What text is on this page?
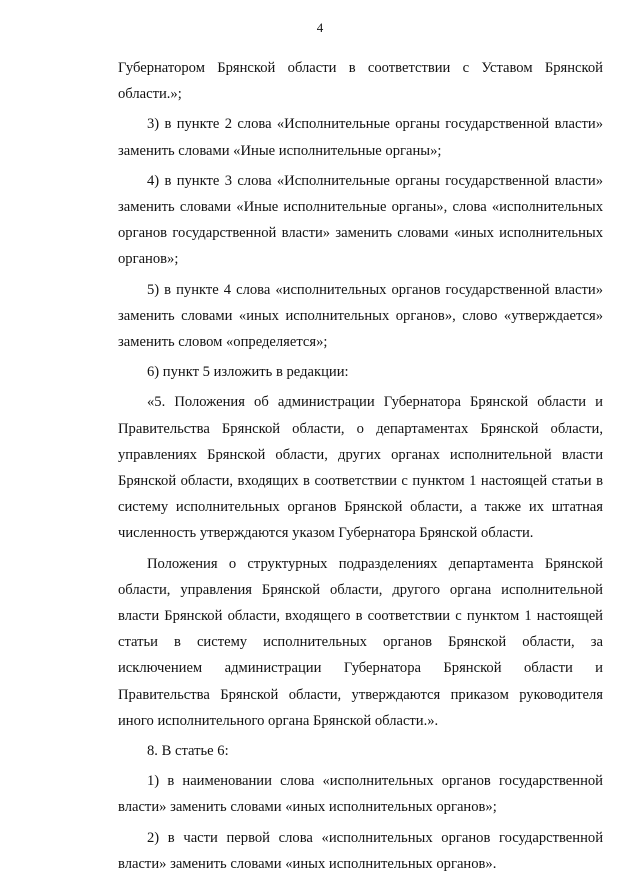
4

Губернатором Брянской области в соответствии с Уставом Брянской области.»;

3) в пункте 2 слова «Исполнительные органы государственной власти» заменить словами «Иные исполнительные органы»;

4) в пункте 3 слова «Исполнительные органы государственной власти» заменить словами «Иные исполнительные органы», слова «исполнительных органов государственной власти» заменить словами «иных исполнительных органов»;

5) в пункте 4 слова «исполнительных органов государственной власти» заменить словами «иных исполнительных органов», слово «утверждается» заменить словом «определяется»;

6) пункт 5 изложить в редакции:

«5. Положения об администрации Губернатора Брянской области и Правительства Брянской области, о департаментах Брянской области, управлениях Брянской области, других органах исполнительной власти Брянской области, входящих в соответствии с пунктом 1 настоящей статьи в систему исполнительных органов Брянской области, а также их штатная численность утверждаются указом Губернатора Брянской области.

Положения о структурных подразделениях департамента Брянской области, управления Брянской области, другого органа исполнительной власти Брянской области, входящего в соответствии с пунктом 1 настоящей статьи в систему исполнительных органов Брянской области, за исключением администрации Губернатора Брянской области и Правительства Брянской области, утверждаются приказом руководителя иного исполнительного органа Брянской области.».

8. В статье 6:

1) в наименовании слова «исполнительных органов государственной власти» заменить словами «иных исполнительных органов»;

2) в части первой слова «исполнительных органов государственной власти» заменить словами «иных исполнительных органов».
